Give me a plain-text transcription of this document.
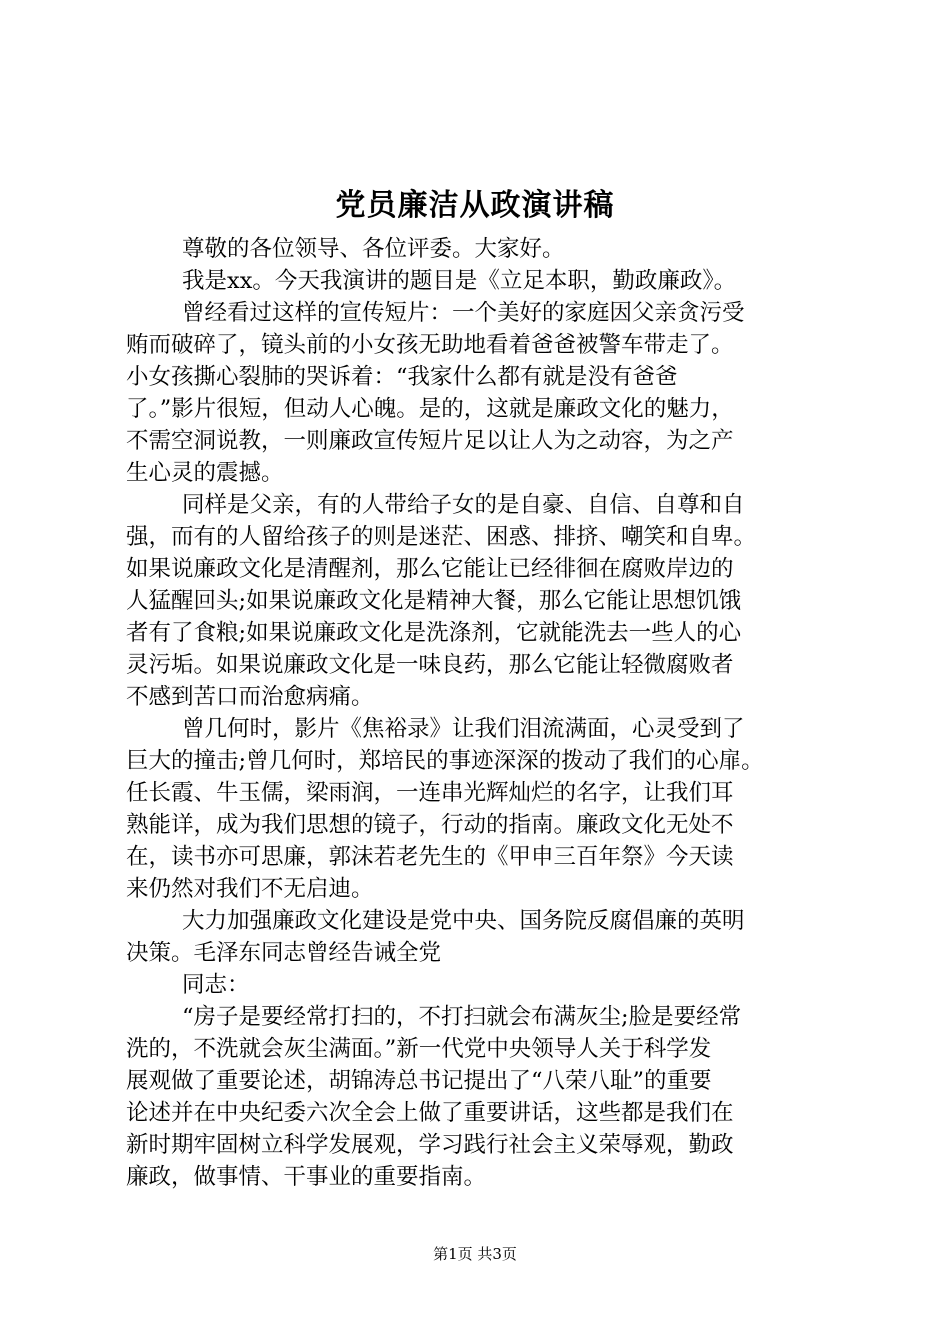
党员廉洁从政演讲稿
尊敬的各位领导、各位评委。大家好。
我是xx。今天我演讲的题目是《立足本职，勤政廉政》。
曾经看过这样的宣传短片：一个美好的家庭因父亲贪污受
贿而破碎了，镜头前的小女孩无助地看着爸爸被警车带走了。
小女孩撕心裂肺的哭诉着：“我家什么都有就是没有爸爸
了。”影片很短，但动人心魄。是的，这就是廉政文化的魅力，
不需空洞说教，一则廉政宣传短片足以让人为之动容，为之产
生心灵的震撼。
同样是父亲，有的人带给子女的是自豪、自信、自尊和自
强，而有的人留给孩子的则是迷茫、困惑、排挤、嘲笑和自卑。
如果说廉政文化是清醒剂，那么它能让已经徘徊在腐败岸边的
人猛醒回头;如果说廉政文化是精神大餐，那么它能让思想饥饿
者有了食粮;如果说廉政文化是洗涤剂，它就能洗去一些人的心
灵污垢。如果说廉政文化是一味良药，那么它能让轻微腐败者
不感到苦口而治愈病痛。
曾几何时，影片《焦裕录》让我们泪流满面，心灵受到了
巨大的撞击;曾几何时，郑培民的事迹深深的拨动了我们的心扉。
任长霞、牛玉儒，梁雨润，一连串光辉灿烂的名字，让我们耳
熟能详，成为我们思想的镜子，行动的指南。廉政文化无处不
在，读书亦可思廉，郭沫若老先生的《甲申三百年祭》今天读
来仍然对我们不无启迪。
大力加强廉政文化建设是党中央、国务院反腐倡廉的英明
决策。毛泽东同志曾经告诫全党
同志：
“房子是要经常打扫的，不打扫就会布满灰尘;脸是要经常
洗的，不洗就会灰尘满面。”新一代党中央领导人关于科学发
展观做了重要论述，胡锦涛总书记提出了“八荣八耻”的重要
论述并在中央纪委六次全会上做了重要讲话，这些都是我们在
新时期牢固树立科学发展观，学习践行社会主义荣辱观，勤政
廉政，做事情、干事业的重要指南。
第1页 共3页
